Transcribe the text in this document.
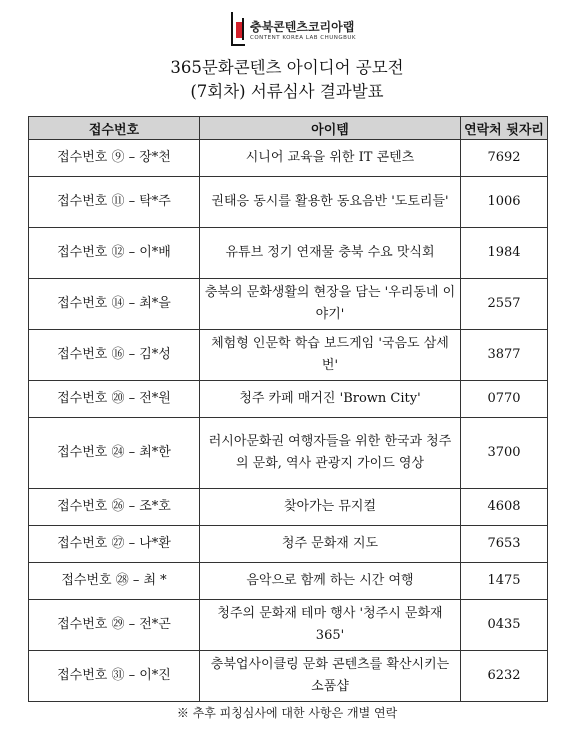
충북콘텐츠코리아랩
CONTENT KOREA LAB CHUNGBUK
365문화콘텐츠 아이디어 공모전
(7회차) 서류심사 결과발표
접수번호	아이템	연락처 뒷자리
접수번호 ⑨ – 장*천	시니어 교육을 위한 IT 콘텐츠	7692
접수번호 ⑪ – 탁*주	권태응 동시를 활용한 동요음반 '도토리들'	1006
접수번호 ⑫ – 이*배	유튜브 정기 연재물 충북 수요 맛식회	1984
접수번호 ⑭ – 최*을	충북의 문화생활의 현장을 담는 '우리동네 이야기'	2557
접수번호 ⑯ – 김*성	체험형 인문학 학습 보드게임 '국음도 삼세번'	3877
접수번호 ⑳ – 전*원	청주 카페 매거진 'Brown City'	0770
접수번호 ㉔ – 최*한	러시아문화권 여행자들을 위한 한국과 청주의 문화, 역사 관광지 가이드 영상	3700
접수번호 ㉖ – 조*호	찾아가는 뮤지컬	4608
접수번호 ㉗ – 나*환	청주 문화재 지도	7653
접수번호 ㉘ – 최 *	음악으로 함께 하는 시간 여행	1475
접수번호 ㉙ – 전*곤	청주의 문화재 테마 행사 '청주시 문화재 365'	0435
접수번호 ㉛ – 이*진	충북업사이클링 문화 콘텐츠를 확산시키는 소품샵	6232
※ 추후 피칭심사에 대한 사항은 개별 연락
